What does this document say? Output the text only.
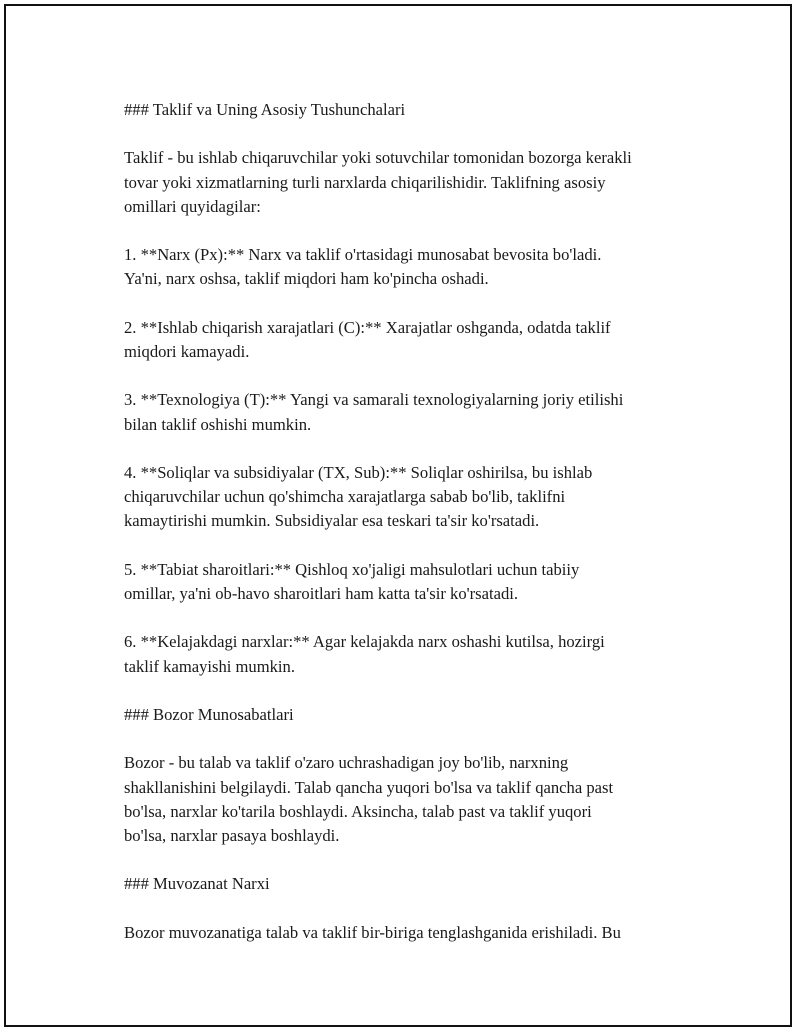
### Taklif va Uning Asosiy Tushunchalari

Taklif - bu ishlab chiqaruvchilar yoki sotuvchilar tomonidan bozorga kerakli
tovar yoki xizmatlarning turli narxlarda chiqarilishidir. Taklifning asosiy
omillari quyidagilar:

1. **Narx (Px):** Narx va taklif o'rtasidagi munosabat bevosita bo'ladi.
Ya'ni, narx oshsa, taklif miqdori ham ko'pincha oshadi.

2. **Ishlab chiqarish xarajatlari (C):** Xarajatlar oshganda, odatda taklif
miqdori kamayadi.

3. **Texnologiya (T):** Yangi va samarali texnologiyalarning joriy etilishi
bilan taklif oshishi mumkin.

4. **Soliqlar va subsidiyalar (TX, Sub):** Soliqlar oshirilsa, bu ishlab
chiqaruvchilar uchun qo'shimcha xarajatlarga sabab bo'lib, taklifni
kamaytirishi mumkin. Subsidiyalar esa teskari ta'sir ko'rsatadi.

5. **Tabiat sharoitlari:** Qishloq xo'jaligi mahsulotlari uchun tabiiy
omillar, ya'ni ob-havo sharoitlari ham katta ta'sir ko'rsatadi.

6. **Kelajakdagi narxlar:** Agar kelajakda narx oshashi kutilsa, hozirgi
taklif kamayishi mumkin.

### Bozor Munosabatlari

Bozor - bu talab va taklif o'zaro uchrashadigan joy bo'lib, narxning
shakllanishini belgilaydi. Talab qancha yuqori bo'lsa va taklif qancha past
bo'lsa, narxlar ko'tarila boshlaydi. Aksincha, talab past va taklif yuqori
bo'lsa, narxlar pasaya boshlaydi.

### Muvozanat Narxi

Bozor muvozanatiga talab va taklif bir-biriga tenglashganida erishiladi. Bu
